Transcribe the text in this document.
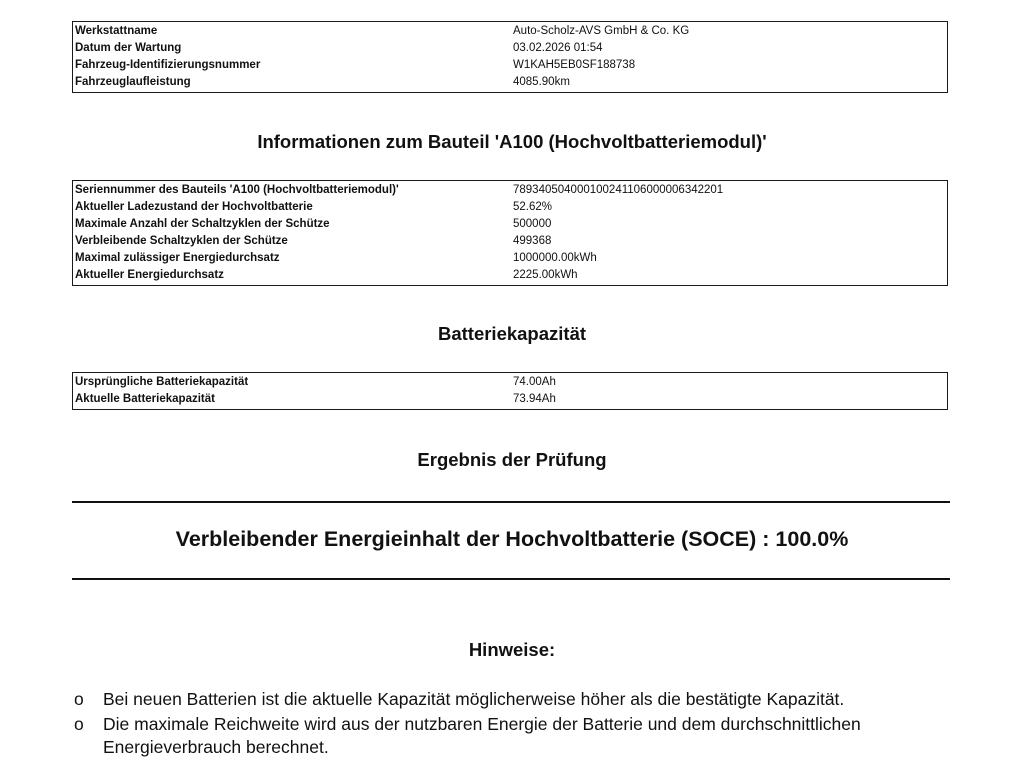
Werkstattname	Auto-Scholz-AVS GmbH & Co. KG
Datum der Wartung	03.02.2026 01:54
Fahrzeug-Identifizierungsnummer	W1KAH5EB0SF188738
Fahrzeuglaufleistung	4085.90km
Informationen zum Bauteil 'A100 (Hochvoltbatteriemodul)'
Seriennummer des Bauteils 'A100 (Hochvoltbatteriemodul)'	789340504000100241106000006342201
Aktueller Ladezustand der Hochvoltbatterie	52.62%
Maximale Anzahl der Schaltzyklen der Schütze	500000
Verbleibende Schaltzyklen der Schütze	499368
Maximal zulässiger Energiedurchsatz	1000000.00kWh
Aktueller Energiedurchsatz	2225.00kWh
Batteriekapazität
Ursprüngliche Batteriekapazität	74.00Ah
Aktuelle Batteriekapazität	73.94Ah
Ergebnis der Prüfung
Verbleibender Energieinhalt der Hochvoltbatterie (SOCE) : 100.0%
Hinweise:
o	Bei neuen Batterien ist die aktuelle Kapazität möglicherweise höher als die bestätigte Kapazität.
o	Die maximale Reichweite wird aus der nutzbaren Energie der Batterie und dem durchschnittlichen Energieverbrauch berechnet.
